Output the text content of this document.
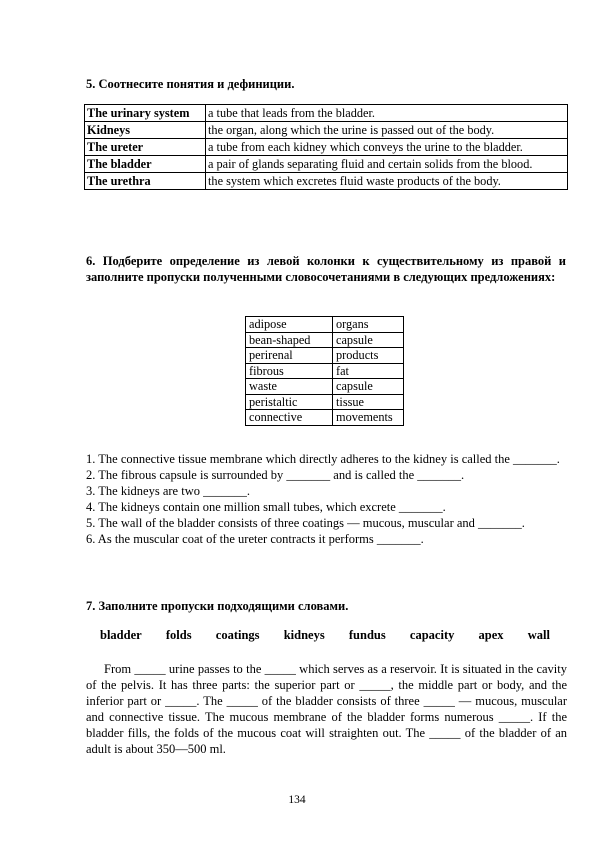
5. Соотнесите понятия и дефиниции.
The urinary system	a tube that leads from the bladder.
Kidneys	the organ, along which the urine is passed out of the body.
The ureter	a tube from each kidney which conveys the urine to the bladder.
The bladder	a pair of glands separating fluid and certain solids from the blood.
The urethra	the system which excretes fluid waste products of the body.
6. Подберите определение из левой колонки к существительному из правой и заполните пропуски полученными словосочетаниями в следующих предложениях:
adipose	organs
bean-shaped	capsule
perirenal	products
fibrous	fat
waste	capsule
peristaltic	tissue
connective	movements

1. The connective tissue membrane which directly adheres to the kidney is called the _______.

2. The fibrous capsule is surrounded by _______ and is called the _______.

3. The kidneys are two _______.

4. The kidneys contain one million small tubes, which excrete _______.

5. The wall of the bladder consists of three coatings — mucous, muscular and _______.

6. As the muscular coat of the ureter contracts it performs _______.

7. Заполните пропуски подходящими словами.
bladder folds coatings kidneys fundus capacity apex wall
From _____ urine passes to the _____ which serves as a reservoir. It is situated in the cavity of the pelvis. It has three parts: the superior part or _____, the middle part or body, and the inferior part or _____. The _____ of the bladder consists of three _____ — mucous, muscular and connective tissue. The mucous membrane of the bladder forms numerous _____. If the bladder fills, the folds of the mucous coat will straighten out. The _____ of the bladder of an adult is about 350—500 ml.
134
